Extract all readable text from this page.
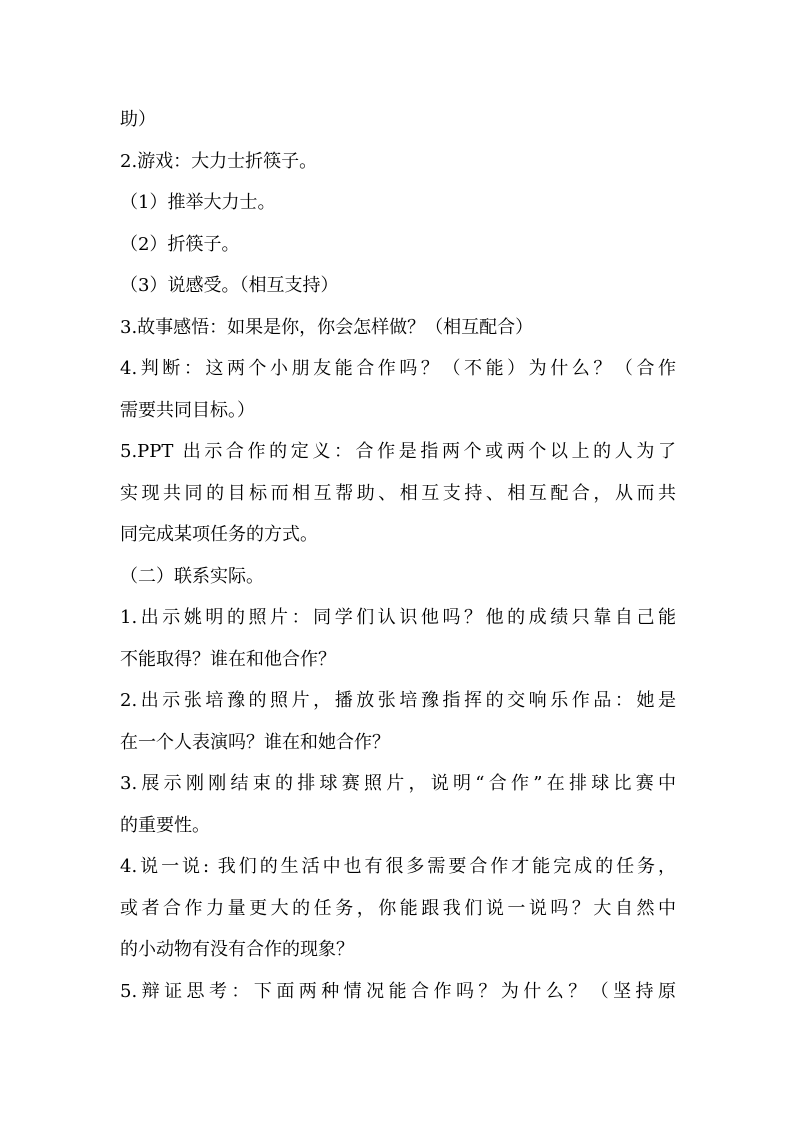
助）
2.游戏：大力士折筷子。
（1）推举大力士。
（2）折筷子。
（3）说感受。（相互支持）
3.故事感悟：如果是你，你会怎样做？（相互配合）
4.判断：这两个小朋友能合作吗？（不能）为什么？（合作
需要共同目标。）
5.PPT 出示合作的定义：合作是指两个或两个以上的人为了
实现共同的目标而相互帮助、相互支持、相互配合，从而共
同完成某项任务的方式。
（二）联系实际。
1.出示姚明的照片：同学们认识他吗？他的成绩只靠自己能
不能取得？谁在和他合作？
2.出示张培豫的照片，播放张培豫指挥的交响乐作品：她是
在一个人表演吗？谁在和她合作？
3.展示刚刚结束的排球赛照片，说明“合作”在排球比赛中
的重要性。
4.说一说: 我们的生活中也有很多需要合作才能完成的任务，
或者合作力量更大的任务，你能跟我们说一说吗？大自然中
的小动物有没有合作的现象？
5.辩证思考：下面两种情况能合作吗？为什么？（坚持原
